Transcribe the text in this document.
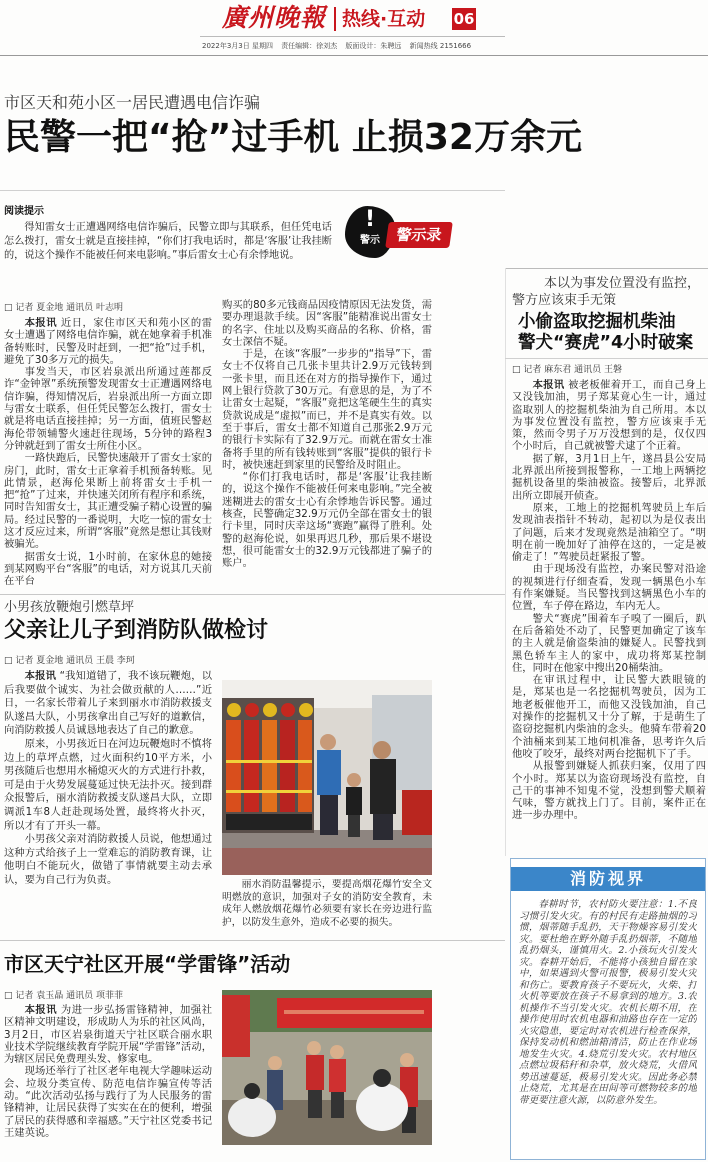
廣州晚報 热线·互动 06
2022年3月3日 星期四 责任编辑：徐刘杰 版面设计：朱聘远 新闻热线 2151666
市区天和苑小区一居民遭遇电信诈骗
民警一把“抢”过手机 止损32万余元
阅读提示
得知雷女士正遭遇网络电信诈骗后，民警立即与其联系，但任凭电话怎么拨打，雷女士就是直接挂掉，“你们打我电话时，都是‘客服’让我挂断的，说这个操作不能被任何来电影响。”事后雷女士心有余悸地说。
!
警示	警示录
□ 记者 夏金地 通讯员 叶志明

本报讯 近日，家住市区天和苑小区的雷女士遭遇了网络电信诈骗，就在她拿着手机准备转账时，民警及时赶到，一把“抢”过手机，避免了30多万元的损失。

事发当天，市区岩泉派出所通过莲都反诈“金钟罩”系统预警发现雷女士正遭遇网络电信诈骗，得知情况后，岩泉派出所一方面立即与雷女士联系，但任凭民警怎么拨打，雷女士就是将电话直接挂掉；另一方面，值班民警赵海伦带领辅警火速赶往现场，5分钟的路程3分钟就赶到了雷女士所住小区。

一路快跑后，民警快速敲开了雷女士家的房门，此时，雷女士正拿着手机预备转账。见此情景，赵海伦果断上前将雷女士手机一把“抢”了过来，并快速关闭所有程序和系统，同时告知雷女士，其正遭受骗子精心设置的骗局。经过民警的一番说明，大吃一惊的雷女士这才反应过来，所谓“客服”竟然是想让其钱财被骗光。

据雷女士说，1小时前，在家休息的她接到某网购平台“客服”的电话，对方说其几天前在平台

购买的80多元钱商品因疫情原因无法发货，需要办理退款手续。因“客服”能精准说出雷女士的名字、住址以及购买商品的名称、价格，雷女士深信不疑。

于是，在该“客服”一步步的“指导”下，雷女士不仅将自己几张卡里共计2.9万元钱转到一张卡里，而且还在对方的指导操作下，通过网上银行贷款了30万元。有意思的是，为了不让雷女士起疑，“客服”竟把这笔硬生生的真实贷款说成是“虚拟”而已，并不是真实有效。以至于事后，雷女士都不知道自己那张2.9万元的银行卡实际有了32.9万元。而就在雷女士准备将手里的所有钱转账到“客服”提供的银行卡时，被快速赶到家里的民警给及时阻止。

“你们打我电话时，都是‘客服’让我挂断的，说这个操作不能被任何来电影响。”完全被迷糊进去的雷女士心有余悸地告诉民警。通过核查，民警确定32.9万元仍全部在雷女士的银行卡里，同时庆幸这场“赛跑”赢得了胜利。处警的赵海伦说，如果再迟几秒，那后果不堪设想，很可能雷女士的32.9万元钱都进了骗子的账户。

本以为事发位置没有监控，
警方应该束手无策
小偷盗取挖掘机柴油
警犬“赛虎”4小时破案
□ 记者 麻东君 通讯员 王磐

本报讯 被老板催着开工，而自己身上又没钱加油，男子郑某竟心生一计，通过盗取别人的挖掘机柴油为自己所用。本以为事发位置没有监控，警方应该束手无策，然而令男子万万没想到的是，仅仅四个小时后，自己就被警犬逮了个正着。

据了解，3月1日上午，遂昌县公安局北界派出所接到报警称，一工地上两辆挖掘机设备里的柴油被盗。接警后，北界派出所立即展开侦查。

原来，工地上的挖掘机驾驶员上车后发现油表指针不转动，起初以为是仪表出了问题，后来才发现竟然是油箱空了。“明明在前一晚加好了油停在这的，一定是被偷走了！”驾驶员赶紧报了警。

由于现场没有监控，办案民警对沿途的视频进行仔细查看，发现一辆黑色小车有作案嫌疑。当民警找到这辆黑色小车的位置，车子停在路边，车内无人。

警犬“赛虎”围着车子嗅了一圈后，趴在后备箱处不动了，民警更加确定了该车的主人就是偷盗柴油的嫌疑人。民警找到黑色轿车主人的家中，成功将郑某控制住，同时在他家中搜出20桶柴油。

在审讯过程中，让民警大跌眼镜的是，郑某也是一名挖掘机驾驶员，因为工地老板催他开工，而他又没钱加油，自己对操作的挖掘机又十分了解，于是萌生了盗窃挖掘机内柴油的念头。他骑车带着20个油桶来到某工地伺机准备，思考许久后他咬了咬牙，最终对两台挖掘机下了手。

从报警到嫌疑人抓获归案，仅用了四个小时。郑某以为盗窃现场没有监控，自己干的事神不知鬼不觉，没想到警犬顺着气味，警方就找上门了。目前，案件正在进一步办理中。

小男孩放鞭炮引燃草坪
父亲让儿子到消防队做检讨
□ 记者 夏金地 通讯员 王晨 李珂

本报讯 “我知道错了，我不该玩鞭炮，以后我要做个诚实、为社会做贡献的人……”近日，一名家长带着儿子来到丽水市消防救援支队遂昌大队，小男孩拿出自己写好的道歉信，向消防救援人员诚恳地表达了自己的歉意。

原来，小男孩近日在河边玩鞭炮时不慎将边上的草坪点燃，过火面积约10平方米，小男孩随后也想用水桶熄灭火的方式进行扑救，可是由于火势发展蔓延过快无法扑灭。接到群众报警后，丽水消防救援支队遂昌大队，立即调派1车8人赶赴现场处置，最终将火扑灭，所以才有了开头一幕。

小男孩父亲对消防救援人员说，他想通过这种方式给孩子上一堂难忘的消防教育课，让他明白不能玩火，做错了事情就要主动去承认，要为自己行为负责。	丽水消防温馨提示，要提高烟花爆竹安全文明燃放的意识，加强对子女的消防安全教育，未成年人燃放烟花爆竹必须要有家长在旁边进行监护，以防发生意外，造成不必要的损失。
市区天宁社区开展“学雷锋”活动
□ 记者 袁玉晶 通讯员 项菲菲

本报讯 为进一步弘扬雷锋精神，加强社区精神文明建设，形成助人为乐的社区风尚，3月2日，市区岩泉街道天宁社区联合丽水职业技术学院继续教育学院开展“学雷锋”活动，为辖区居民免费理头发、修家电。

现场还举行了社区老年电视大学趣味运动会、垃圾分类宣传、防范电信诈骗宣传等活动。“此次活动弘扬与践行了为人民服务的雷锋精神，让居民获得了实实在在的便利，增强了居民的获得感和幸福感。”天宁社区党委书记王建英说。

消防视界
春耕时节，农村防火要注意：1.不良习惯引发火灾。有的村民有走路抽烟的习惯，烟蒂随手乱扔，天干物燥容易引发火灾。要杜绝在野外随手乱扔烟蒂，不随地乱扔烟头，谨慎用火。2.小孩玩火引发火灾。春耕开始后，不能将小孩独自留在家中，如果遇到火警可报警，极易引发火灾和伤亡。要教育孩子不要玩火，火柴、打火机等要放在孩子不易拿到的地方。3.农机操作不当引发火灾。农机长期不用，在操作使用时农机电器和油路也存在一定的火灾隐患，要定时对农机进行检查保养，保持发动机和燃油箱清洁，防止在作业场地发生火灾。4.烧荒引发火灾。农村地区点燃垃圾秸秆和杂草，放火烧荒，火借风势迅速蔓延，极易引发火灾。因此务必禁止烧荒，尤其是在田间等可燃物较多的地带更要注意火源，以防意外发生。
